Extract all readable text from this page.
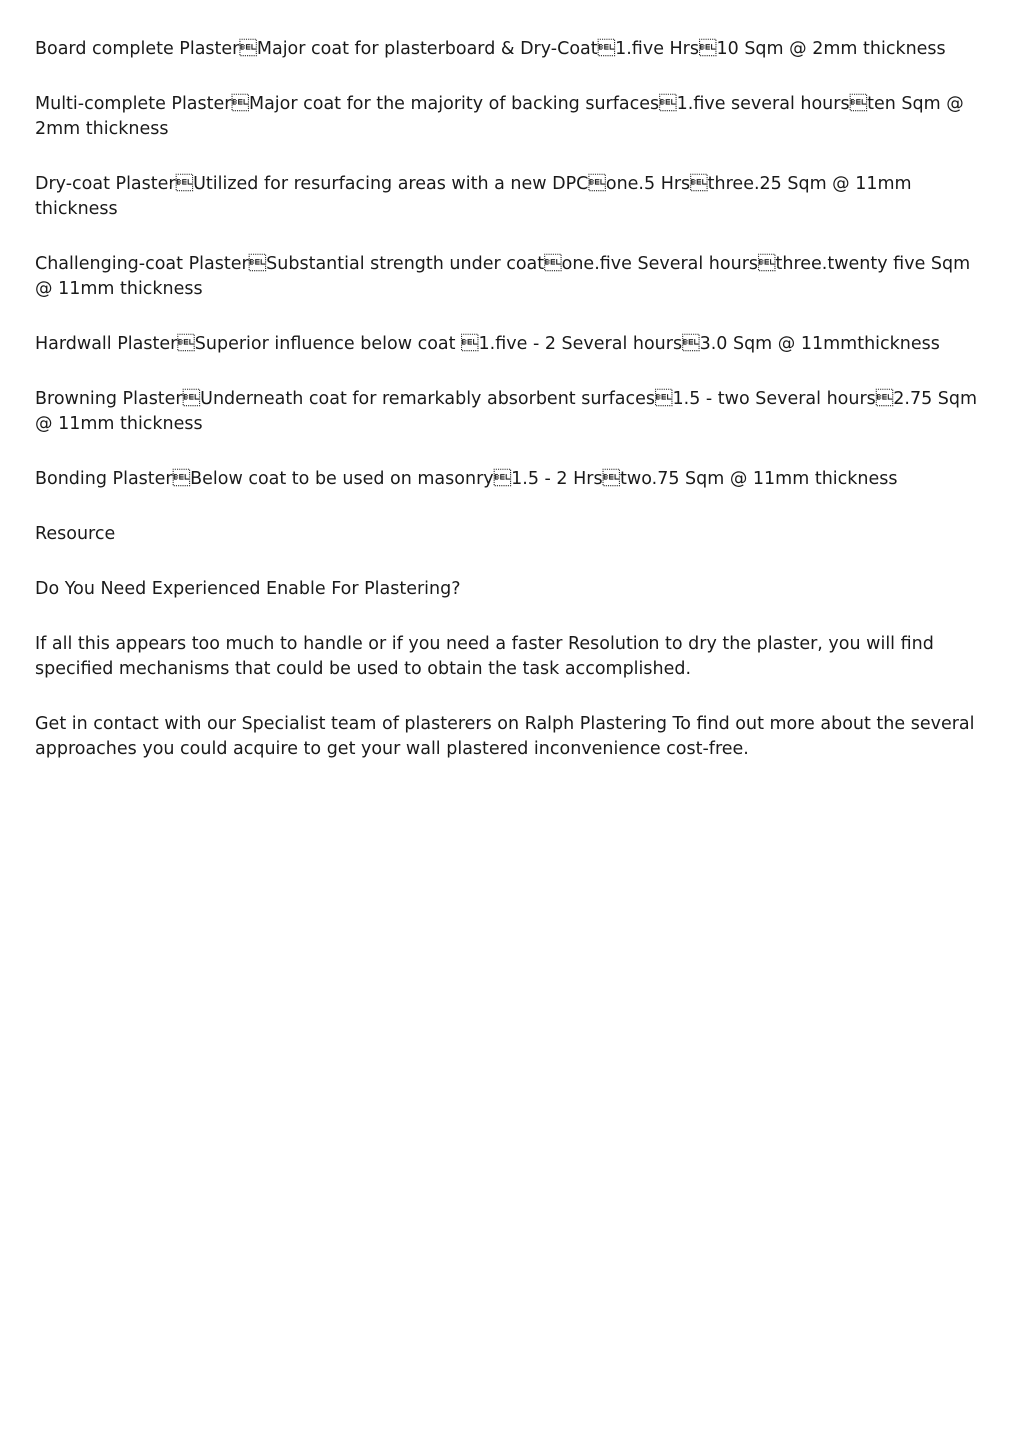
Board complete PlasterMajor coat for plasterboard & Dry-Coat1.five Hrs10 Sqm @ 2mm thickness

Multi-complete PlasterMajor coat for the majority of backing surfaces1.five several hoursten Sqm @ 2mm thickness

Dry-coat PlasterUtilized for resurfacing areas with a new DPCone.5 Hrsthree.25 Sqm @ 11mm thickness

Challenging-coat PlasterSubstantial strength under coatone.five Several hoursthree.twenty five Sqm @ 11mm thickness

Hardwall PlasterSuperior influence below coat 1.five - 2 Several hours3.0 Sqm @ 11mmthickness

Browning PlasterUnderneath coat for remarkably absorbent surfaces1.5 - two Several hours2.75 Sqm @ 11mm thickness

Bonding PlasterBelow coat to be used on masonry1.5 - 2 Hrstwo.75 Sqm @ 11mm thickness

Resource

Do You Need Experienced Enable For Plastering?

If all this appears too much to handle or if you need a faster Resolution to dry the plaster, you will find specified mechanisms that could be used to obtain the task accomplished.

Get in contact with our Specialist team of plasterers on Ralph Plastering To find out more about the several approaches you could acquire to get your wall plastered inconvenience cost-free.
